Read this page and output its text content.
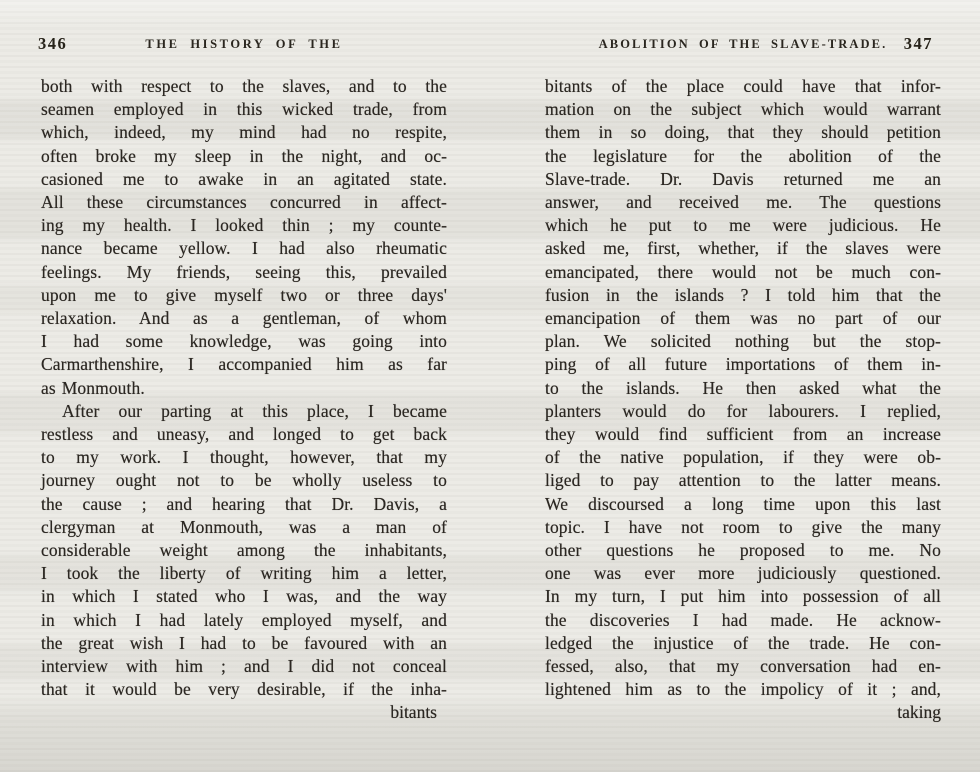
346	THE HISTORY OF THE
both with respect to the slaves, and to the
seamen employed in this wicked trade, from
which, indeed, my mind had no respite,
often broke my sleep in the night, and oc-
casioned me to awake in an agitated state.
All these circumstances concurred in affect-
ing my health. I looked thin ; my counte-
nance became yellow. I had also rheumatic
feelings. My friends, seeing this, prevailed
upon me to give myself two or three days'
relaxation. And as a gentleman, of whom
I had some knowledge, was going into
Carmarthenshire, I accompanied him as far
as Monmouth.
After our parting at this place, I became
restless and uneasy, and longed to get back
to my work. I thought, however, that my
journey ought not to be wholly useless to
the cause ; and hearing that Dr. Davis, a
clergyman at Monmouth, was a man of
considerable weight among the inhabitants,
I took the liberty of writing him a letter,
in which I stated who I was, and the way
in which I had lately employed myself, and
the great wish I had to be favoured with an
interview with him ; and I did not conceal
that it would be very desirable, if the inha-
bitants
ABOLITION OF THE SLAVE-TRADE. 347
bitants of the place could have that infor-
mation on the subject which would warrant
them in so doing, that they should petition
the legislature for the abolition of the
Slave-trade. Dr. Davis returned me an
answer, and received me. The questions
which he put to me were judicious. He
asked me, first, whether, if the slaves were
emancipated, there would not be much con-
fusion in the islands ? I told him that the
emancipation of them was no part of our
plan. We solicited nothing but the stop-
ping of all future importations of them in-
to the islands. He then asked what the
planters would do for labourers. I replied,
they would find sufficient from an increase
of the native population, if they were ob-
liged to pay attention to the latter means.
We discoursed a long time upon this last
topic. I have not room to give the many
other questions he proposed to me. No
one was ever more judiciously questioned.
In my turn, I put him into possession of all
the discoveries I had made. He acknow-
ledged the injustice of the trade. He con-
fessed, also, that my conversation had en-
lightened him as to the impolicy of it ; and,
taking
